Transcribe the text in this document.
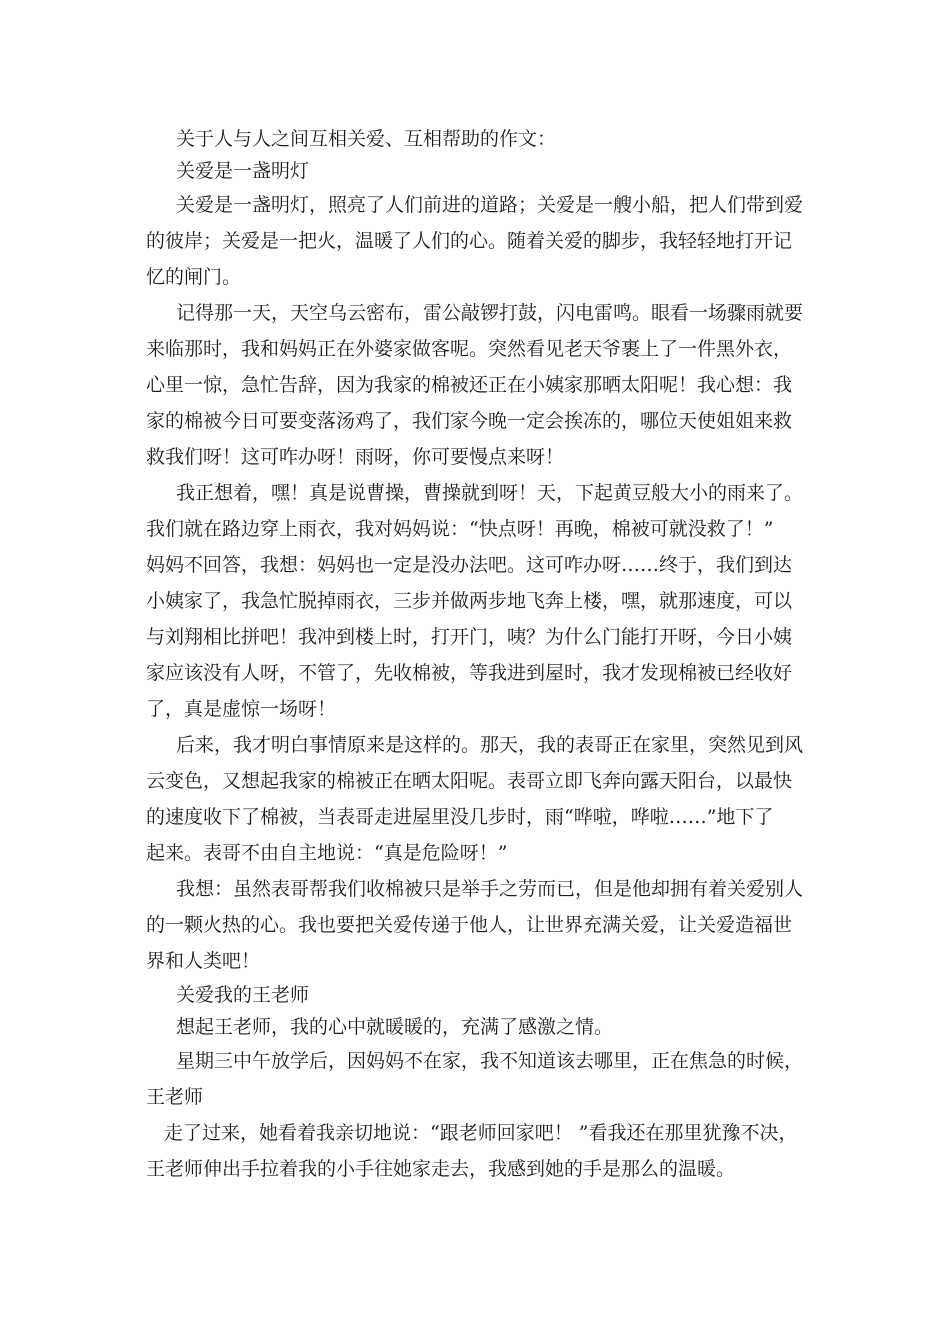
关于人与人之间互相关爱、互相帮助的作文：
关爱是一盏明灯
关爱是一盏明灯，照亮了人们前进的道路；关爱是一艘小船，把人们带到爱
的彼岸；关爱是一把火，温暖了人们的心。随着关爱的脚步，我轻轻地打开记
忆的闸门。
记得那一天，天空乌云密布，雷公敲锣打鼓，闪电雷鸣。眼看一场骤雨就要
来临那时，我和妈妈正在外婆家做客呢。突然看见老天爷裹上了一件黑外衣，
心里一惊，急忙告辞，因为我家的棉被还正在小姨家那晒太阳呢！我心想：我
家的棉被今日可要变落汤鸡了，我们家今晚一定会挨冻的，哪位天使姐姐来救
救我们呀！这可咋办呀！雨呀，你可要慢点来呀！
我正想着，嘿！真是说曹操，曹操就到呀！天，下起黄豆般大小的雨来了。
我们就在路边穿上雨衣，我对妈妈说：“快点呀！再晚，棉被可就没救了！”
妈妈不回答，我想：妈妈也一定是没办法吧。这可咋办呀……终于，我们到达
小姨家了，我急忙脱掉雨衣，三步并做两步地飞奔上楼，嘿，就那速度，可以
与刘翔相比拼吧！我冲到楼上时，打开门，咦？为什么门能打开呀，今日小姨
家应该没有人呀，不管了，先收棉被，等我进到屋时，我才发现棉被已经收好
了，真是虚惊一场呀！
后来，我才明白事情原来是这样的。那天，我的表哥正在家里，突然见到风
云变色，又想起我家的棉被正在晒太阳呢。表哥立即飞奔向露天阳台，以最快
的速度收下了棉被，当表哥走进屋里没几步时，雨“哗啦，哗啦……”地下了
起来。表哥不由自主地说：“真是危险呀！”
我想：虽然表哥帮我们收棉被只是举手之劳而已，但是他却拥有着关爱别人
的一颗火热的心。我也要把关爱传递于他人，让世界充满关爱，让关爱造福世
界和人类吧！
关爱我的王老师
想起王老师，我的心中就暖暖的，充满了感激之情。
星期三中午放学后，因妈妈不在家，我不知道该去哪里，正在焦急的时候，
王老师
走了过来，她看着我亲切地说：“跟老师回家吧！ ”看我还在那里犹豫不决，
王老师伸出手拉着我的小手往她家走去，我感到她的手是那么的温暖。
